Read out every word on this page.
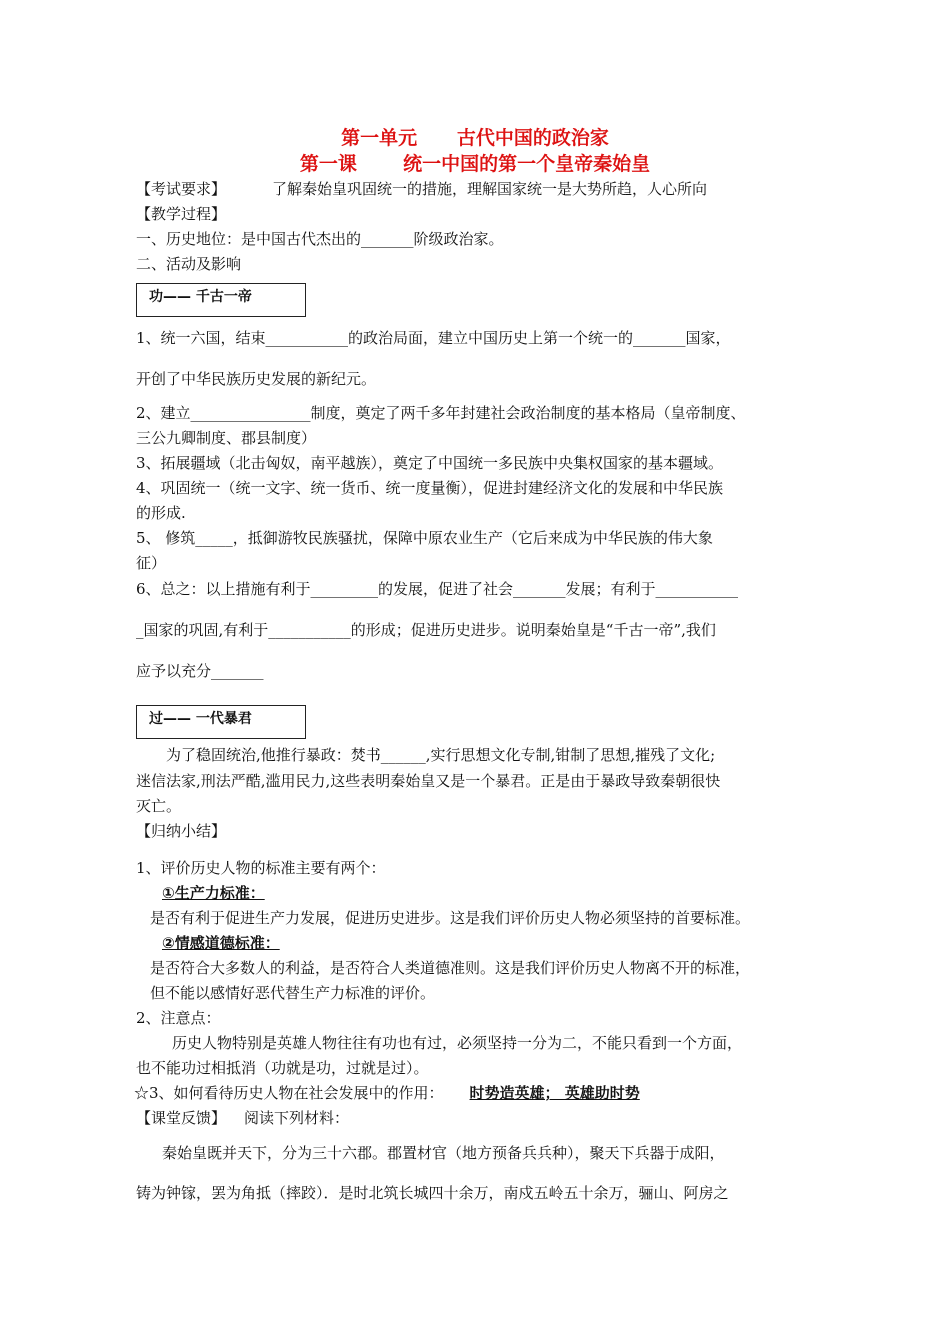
第一单元      古代中国的政治家
第一课       统一中国的第一个皇帝秦始皇
【考试要求】	了解秦始皇巩固统一的措施，理解国家统一是大势所趋，人心所向
【教学过程】
一、历史地位：是中国古代杰出的_______阶级政治家。
二、活动及影响
功—— 千古一帝
1、统一六国，结束___________的政治局面，建立中国历史上第一个统一的_______国家，
开创了中华民族历史发展的新纪元。
2、建立________________制度，奠定了两千多年封建社会政治制度的基本格局（皇帝制度、
三公九卿制度、郡县制度）
3、拓展疆域（北击匈奴，南平越族），奠定了中国统一多民族中央集权国家的基本疆域。
4、巩固统一（统一文字、统一货币、统一度量衡），促进封建经济文化的发展和中华民族
的形成.
5、 修筑_____，抵御游牧民族骚扰，保障中原农业生产（它后来成为中华民族的伟大象
征）
6、总之：以上措施有利于_________的发展，促进了社会_______发展；有利于___________
_国家的巩固,有利于___________的形成；促进历史进步。说明秦始皇是“千古一帝”,我们
应予以充分_______
过—— 一代暴君
为了稳固统治,他推行暴政：焚书______,实行思想文化专制,钳制了思想,摧残了文化;
迷信法家,刑法严酷,滥用民力,这些表明秦始皇又是一个暴君。正是由于暴政导致秦朝很快
灭亡。
【归纳小结】
1、评价历史人物的标准主要有两个：
①生产力标准：
是否有利于促进生产力发展，促进历史进步。这是我们评价历史人物必须坚持的首要标准。
②情感道德标准：
是否符合大多数人的利益，是否符合人类道德准则。这是我们评价历史人物离不开的标准，
但不能以感情好恶代替生产力标准的评价。
2、注意点：
历史人物特别是英雄人物往往有功也有过，必须坚持一分为二，不能只看到一个方面，
也不能功过相抵消（功就是功，过就是过）。
☆3、如何看待历史人物在社会发展中的作用： 时势造英雄； 英雄助时势
【课堂反馈】 阅读下列材料：
秦始皇既并天下，分为三十六郡。郡置材官（地方预备兵兵种），聚天下兵器于成阳，
铸为钟镓，罢为角抵（摔跤）．是时北筑长城四十余万，南戍五岭五十余万，骊山、阿房之
